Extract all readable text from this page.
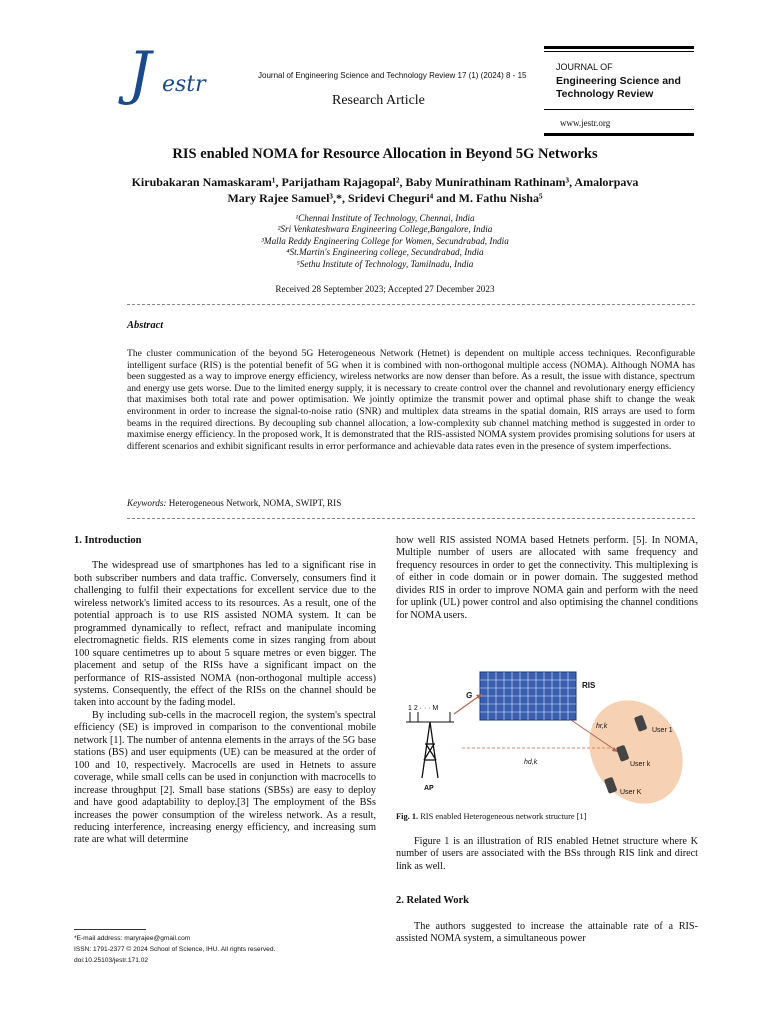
J estr	Journal of Engineering Science and Technology Review 17 (1) (2024) 8 - 15
Research Article
JOURNAL OF
Engineering Science and Technology Review
www.jestr.org
RIS enabled NOMA for Resource Allocation in Beyond 5G Networks
Kirubakaran Namaskaram¹, Parijatham Rajagopal², Baby Munirathinam Rathinam³, Amalorpava
Mary Rajee Samuel³,*, Sridevi Cheguri⁴ and M. Fathu Nisha⁵
¹Chennai Institute of Technology, Chennai, India
²Sri Venkateshwara Engineering College,Bangalore, India
³Malla Reddy Engineering College for Women, Secundrabad, India
⁴St.Martin's Engineering college, Secundrabad, India
⁵Sethu Institute of Technology, Tamilnadu, India
Received 28 September 2023; Accepted 27 December 2023
Abstract
The cluster communication of the beyond 5G Heterogeneous Network (Hetnet) is dependent on multiple access techniques. Reconfigurable intelligent surface (RIS) is the potential benefit of 5G when it is combined with non-orthogonal multiple access (NOMA). Although NOMA has been suggested as a way to improve energy efficiency, wireless networks are now denser than before. As a result, the issue with distance, spectrum and energy use gets worse. Due to the limited energy supply, it is necessary to create control over the channel and revolutionary energy efficiency that maximises both total rate and power optimisation. We jointly optimize the transmit power and optimal phase shift to change the weak environment in order to increase the signal-to-noise ratio (SNR) and multiplex data streams in the spatial domain, RIS arrays are used to form beams in the required directions. By decoupling sub channel allocation, a low-complexity sub channel matching method is suggested in order to maximise energy efficiency. In the proposed work, It is demonstrated that the RIS-assisted NOMA system provides promising solutions for users at different scenarios and exhibit significant results in error performance and achievable data rates even in the presence of system imperfections.
Keywords: Heterogeneous Network, NOMA, SWIPT, RIS
1. Introduction

The widespread use of smartphones has led to a significant rise in both subscriber numbers and data traffic. Conversely, consumers find it challenging to fulfil their expectations for excellent service due to the wireless network's limited access to its resources. As a result, one of the potential approach is to use RIS assisted NOMA system. It can be programmed dynamically to reflect, refract and manipulate incoming electromagnetic fields. RIS elements come in sizes ranging from about 100 square centimetres up to about 5 square metres or even bigger. The placement and setup of the RISs have a significant impact on the performance of RIS-assisted NOMA (non-orthogonal multiple access) systems. Consequently, the effect of the RISs on the channel should be taken into account by the fading model.

By including sub-cells in the macrocell region, the system's spectral efficiency (SE) is improved in comparison to the conventional mobile network [1]. The number of antenna elements in the arrays of the 5G base stations (BS) and user equipments (UE) can be measured at the order of 100 and 10, respectively. Macrocells are used in Hetnets to assure coverage, while small cells can be used in conjunction with macrocells to increase throughput [2]. Small base stations (SBSs) are easy to deploy and have good adaptability to deploy.[3] The employment of the BSs increases the power consumption of the wireless network. As a result, reducing interference, increasing energy efficiency, and increasing sum rate are what will determine

*E-mail address: maryrajee@gmail.com
ISSN: 1791-2377 © 2024 School of Science, IHU. All rights reserved.
doi:10.25103/jestr.171.02

how well RIS assisted NOMA based Hetnets perform. [5]. In NOMA, Multiple number of users are allocated with same frequency and frequency resources in order to get the connectivity. This multiplexing is of either in code domain or in power domain. The suggested method divides RIS in order to improve NOMA gain and perform with the need for uplink (UL) power control and also optimising the channel conditions for NOMA users.

RIS
1 2 · · · M
AP
G
hr,k
hd,k
User 1
User k
User K
Fig. 1. RIS enabled Heterogeneous network structure [1]

Figure 1 is an illustration of RIS enabled Hetnet structure where K number of users are associated with the BSs through RIS link and direct link as well.

2. Related Work

The authors suggested to increase the attainable rate of a RIS-assisted NOMA system, a simultaneous power
